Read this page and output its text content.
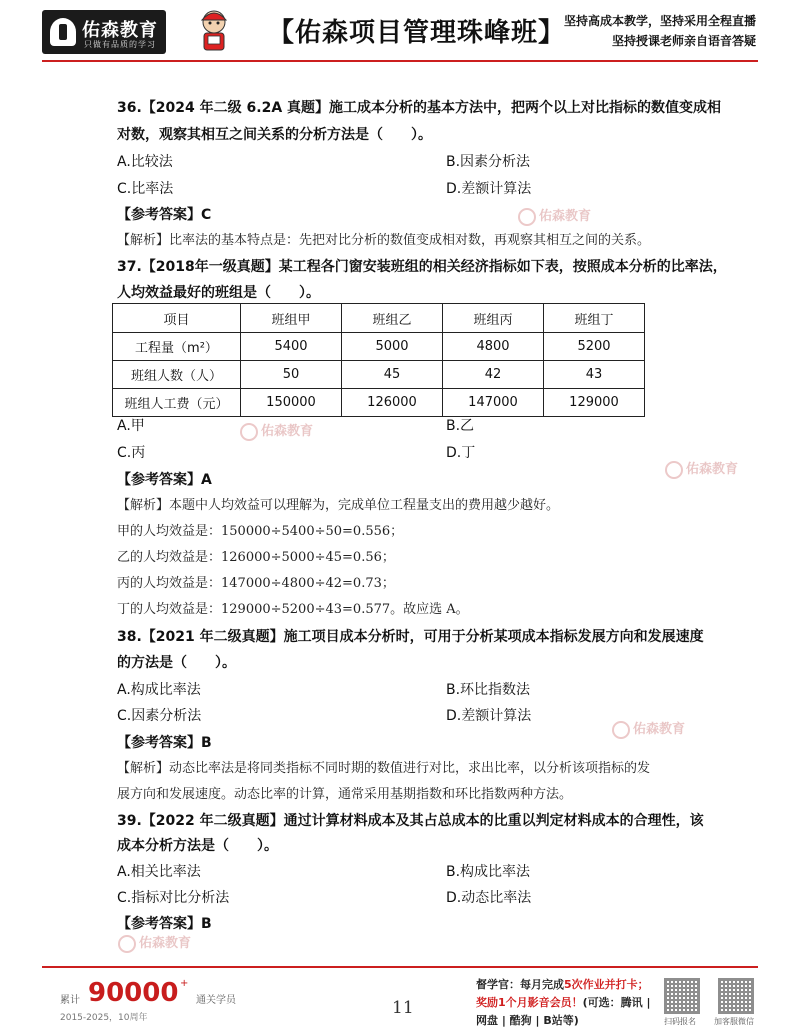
佑森教育
只做有品质的学习	【佑森项目管理珠峰班】
坚持高成本教学，坚持采用全程直播
坚持授课老师亲自语音答疑
佑森教育
佑森教育
佑森教育
佑森教育
佑森教育
36.【2024 年二级 6.2A 真题】施工成本分析的基本方法中，把两个以上对比指标的数值变成相
对数，观察其相互之间关系的分析方法是（　　）。
A.比较法	B.因素分析法
C.比率法	D.差额计算法
【参考答案】C
【解析】比率法的基本特点是：先把对比分析的数值变成相对数，再观察其相互之间的关系。
37.【2018年一级真题】某工程各门窗安装班组的相关经济指标如下表，按照成本分析的比率法，
人均效益最好的班组是（　　）。
项目	班组甲	班组乙	班组丙	班组丁
工程量（m²）	5400	5000	4800	5200
班组人数（人）	50	45	42	43
班组人工费（元）	150000	126000	147000	129000
A.甲	B.乙
C.丙	D.丁
【参考答案】A
【解析】本题中人均效益可以理解为，完成单位工程量支出的费用越少越好。
甲的人均效益是：150000÷5400÷50=0.556；
乙的人均效益是：126000÷5000÷45=0.56；
丙的人均效益是：147000÷4800÷42=0.73；
丁的人均效益是：129000÷5200÷43=0.577。故应选 A。
38.【2021 年二级真题】施工项目成本分析时，可用于分析某项成本指标发展方向和发展速度
的方法是（　　）。
A.构成比率法	B.环比指数法
C.因素分析法	D.差额计算法
【参考答案】B
【解析】动态比率法是将同类指标不同时期的数值进行对比，求出比率，以分析该项指标的发
展方向和发展速度。动态比率的计算，通常采用基期指数和环比指数两种方法。
39.【2022 年二级真题】通过计算材料成本及其占总成本的比重以判定材料成本的合理性，该
成本分析方法是（　　）。
A.相关比率法	B.构成比率法
C.指标对比分析法	D.动态比率法
【参考答案】B
累计 90000 +
通关学员
2015-2025，10周年	11
督学官：每月完成5次作业并打卡；
奖励1个月影音会员！(可选：腾讯 |
网盘 | 酷狗 | B站等)	扫码报名 加客服微信
